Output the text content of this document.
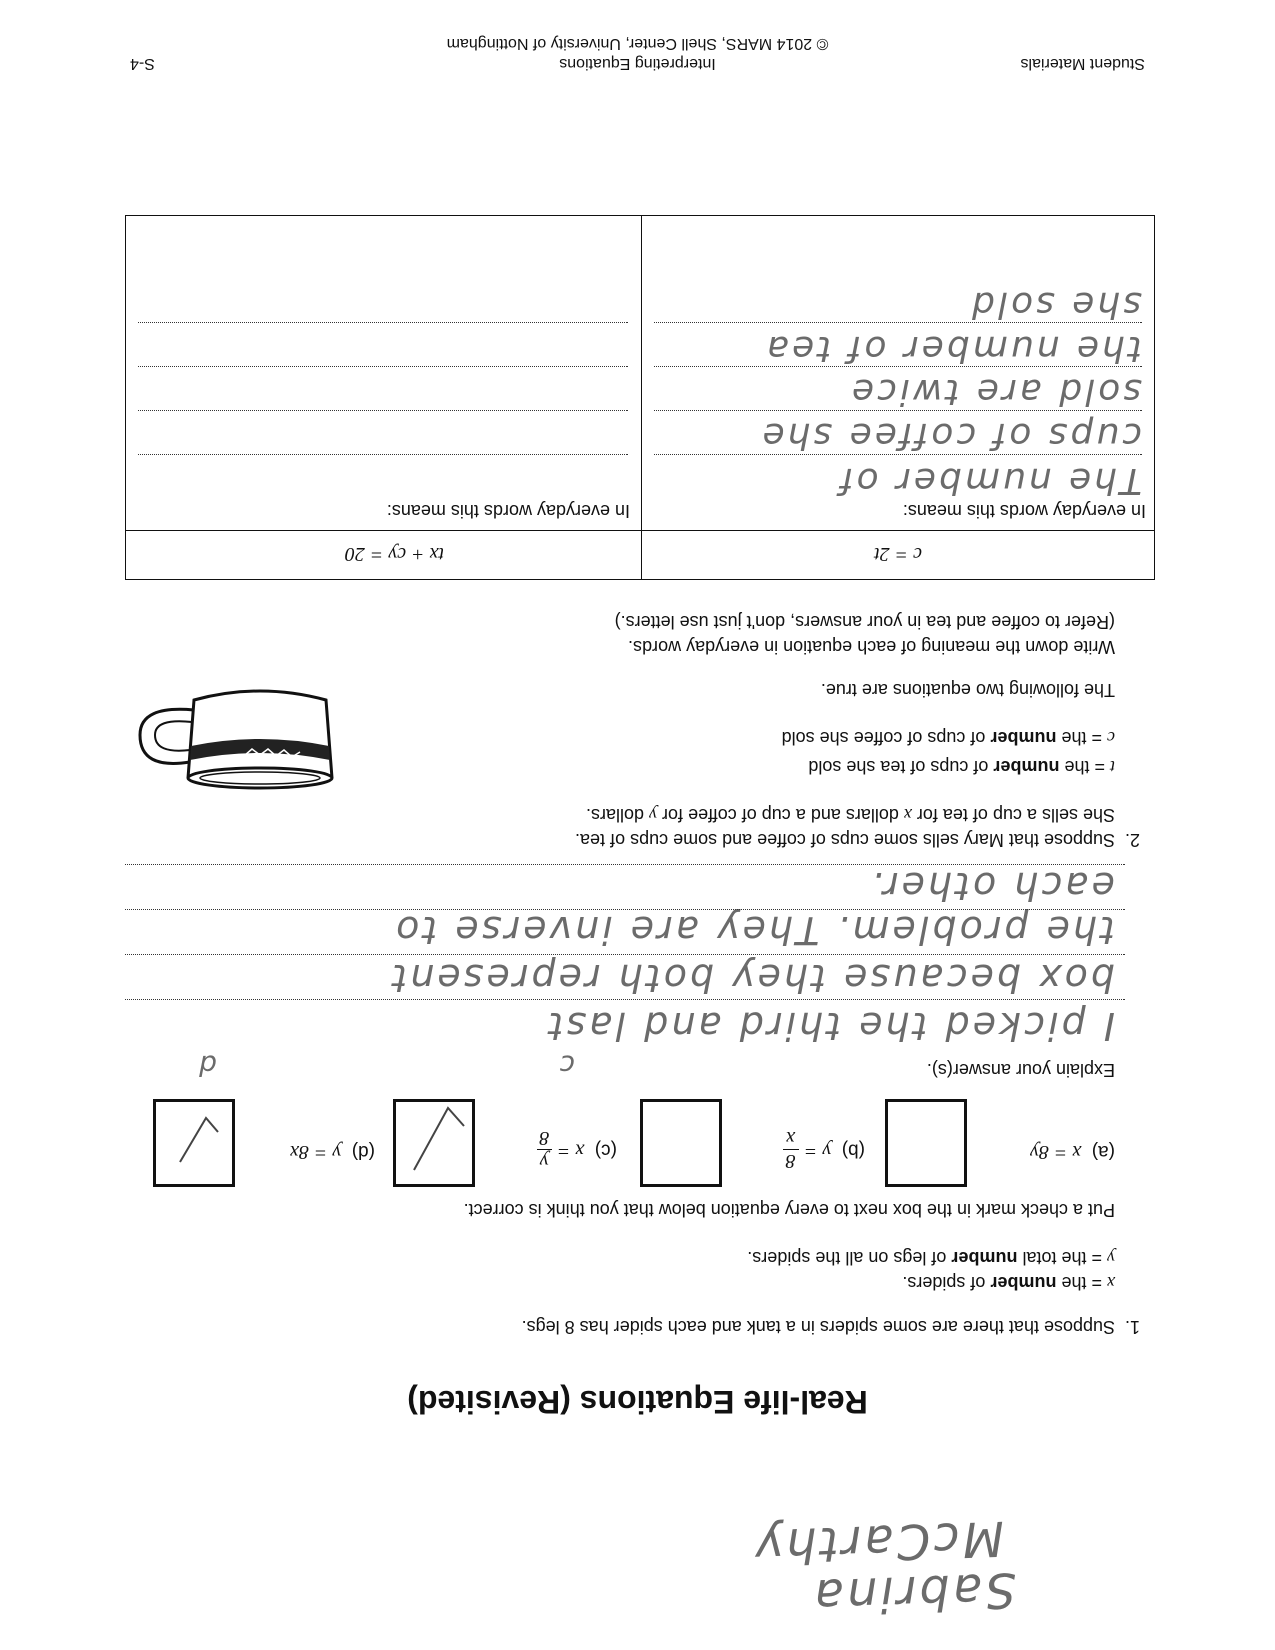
Sabrina
McCarthy
Real-life Equations (Revisited)
1.
Suppose that there are some spiders in a tank and each spider has 8 legs.
x = the number of spiders.
y = the total number of legs on all the spiders.
Put a check mark in the box next to every equation below that you think is correct.
(a)  x = 8y
(b)  y =
8
x
(c)  x =
y
8
(d)  y = 8x
c
d	Explain your answer(s).
I picked the third and last
box because they both represent
the problem. They are inverse to
each other.
2.
Suppose that Mary sells some cups of coffee and some cups of tea.
She sells a cup of tea for x dollars and a cup of coffee for y dollars.
t = the number of cups of tea she sold
c = the number of cups of coffee she sold
The following two equations are true.
Write down the meaning of each equation in everyday words.
(Refer to coffee and tea in your answers, don't just use letters.)
c = 2t
tx + cy = 20
In everyday words this means:
In everyday words this means:
The number of
cups of coffee she
sold are twice
the number of tea
she sold
Student Materials
Interpreting Equations
S-4
© 2014 MARS, Shell Center, University of Nottingham
